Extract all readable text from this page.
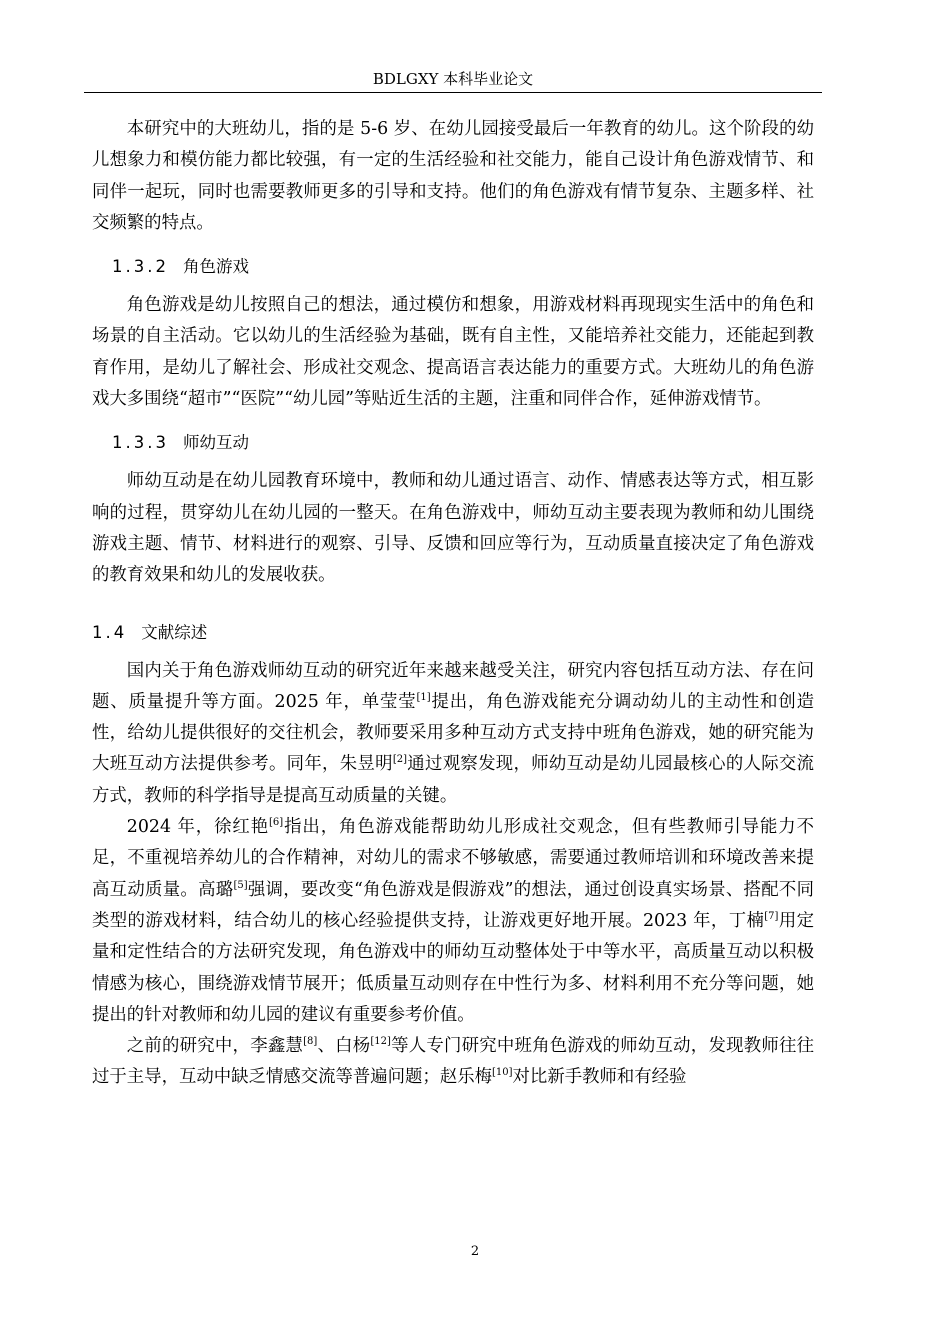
BDLGXY 本科毕业论文

本研究中的大班幼儿，指的是 5-6 岁、在幼儿园接受最后一年教育的幼儿。这个阶段的幼儿想象力和模仿能力都比较强，有一定的生活经验和社交能力，能自己设计角色游戏情节、和同伴一起玩，同时也需要教师更多的引导和支持。他们的角色游戏有情节复杂、主题多样、社交频繁的特点。

1.3.2 角色游戏

角色游戏是幼儿按照自己的想法，通过模仿和想象，用游戏材料再现现实生活中的角色和场景的自主活动。它以幼儿的生活经验为基础，既有自主性，又能培养社交能力，还能起到教育作用，是幼儿了解社会、形成社交观念、提高语言表达能力的重要方式。大班幼儿的角色游戏大多围绕“超市”“医院”“幼儿园”等贴近生活的主题，注重和同伴合作，延伸游戏情节。

1.3.3 师幼互动

师幼互动是在幼儿园教育环境中，教师和幼儿通过语言、动作、情感表达等方式，相互影响的过程，贯穿幼儿在幼儿园的一整天。在角色游戏中，师幼互动主要表现为教师和幼儿围绕游戏主题、情节、材料进行的观察、引导、反馈和回应等行为，互动质量直接决定了角色游戏的教育效果和幼儿的发展收获。

1.4 文献综述

国内关于角色游戏师幼互动的研究近年来越来越受关注，研究内容包括互动方法、存在问题、质量提升等方面。2025 年，单莹莹[1]提出，角色游戏能充分调动幼儿的主动性和创造性，给幼儿提供很好的交往机会，教师要采用多种互动方式支持中班角色游戏，她的研究能为大班互动方法提供参考。同年，朱昱明[2]通过观察发现，师幼互动是幼儿园最核心的人际交流方式，教师的科学指导是提高互动质量的关键。

2024 年，徐红艳[6]指出，角色游戏能帮助幼儿形成社交观念，但有些教师引导能力不足，不重视培养幼儿的合作精神，对幼儿的需求不够敏感，需要通过教师培训和环境改善来提高互动质量。高璐[5]强调，要改变“角色游戏是假游戏”的想法，通过创设真实场景、搭配不同类型的游戏材料，结合幼儿的核心经验提供支持，让游戏更好地开展。2023 年，丁楠[7]用定量和定性结合的方法研究发现，角色游戏中的师幼互动整体处于中等水平，高质量互动以积极情感为核心，围绕游戏情节展开；低质量互动则存在中性行为多、材料利用不充分等问题，她提出的针对教师和幼儿园的建议有重要参考价值。

之前的研究中，李鑫慧[8]、白杨[12]等人专门研究中班角色游戏的师幼互动，发现教师往往过于主导，互动中缺乏情感交流等普遍问题；赵乐梅[10]对比新手教师和有经验

2
